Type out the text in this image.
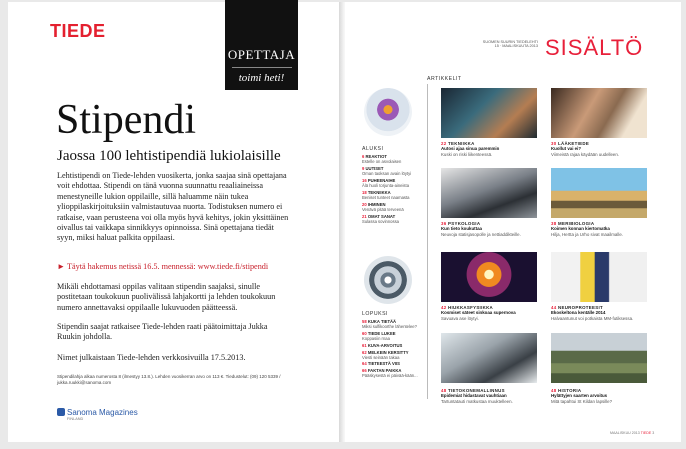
TIEDE
OPETTAJA
toimi heti!
Stipendi
Jaossa 100 lehtistipendiä lukiolaisille

Lehtistipendi on Tiede-lehden vuosikerta, jonka saajaa sinä opettajana voit ehdottaa. Stipendi on tänä vuonna suunnattu reaaliaineissa menestyneille lukion oppilaille, sillä haluamme näin tukea ylioppilaskirjoituksiin valmistautuvaa nuorta. Todistuksen numero ei ratkaise, vaan perusteena voi olla myös hyvä kehitys, jokin yksittäinen oivallus tai vaikkapa sinnikkyys opinnoissa. Sinä opettajana tiedät syyn, miksi haluat palkita oppilaasi.

► Täytä hakemus netissä 16.5. mennessä: www.tiede.fi/stipendi

Mikäli ehdottamasi oppilas valitaan stipendin saajaksi, sinulle postitetaan toukokuun puolivälissä lahjakortti ja lehden toukokuun numero annettavaksi oppilaalle lukuvuoden päätteessä.

Stipendin saajat ratkaisee Tiede-lehden raati päätoimittaja Jukka Ruukin johdolla.

Nimet julkaistaan Tiede-lehden verkkosivuilla 17.5.2013.

Stipendilahja alkaa numerosta 8 (ilmestyy 13.8.). Lehden vuosikerran arvo on 113 €. Tiedustelut: (09) 120 5339 / jukka.ruukki@sanoma.com

Sanoma Magazines
FINLAND
SUOMEN SUURIN TIEDELEHTI
15 · MAALISKUUTA 2013 SISÄLTÖ
ARTIKKELIT
ALUKSI
6 REAKTIOT
Estelle on asvolaisen
9 UUTISET
Oman taoksan avain löytyi
16 PUHEENAIHE
Älä huoli torjunta-aineista
18 TEKNIIKKA
Beniset tunteet naamasta
20 IHMINEN
Venävä pitää terveenä
21 OMAT SANAT
Sulassa sovinnossa
LOPUKSI
58 KUKA TIETÄÄ
Miksi sulfikoorthe lähentelee?
60 TIEDE LUKEE
Koppasiin rnaa
61 KUVA-ARVOITUS
62 MELKEIN KERSITTY
Viesti seinään takaa
64 TIETEESTÄ VIIS
66 FAKTAN PAIKKA
Pääskysestä ei päivää-kään...
22 TEKNIIKKA
Autosi ajaa sinua paremmin
Kuski on riski liikenteessä.
30 LÄÄKETIEDE
Kuollut vai ei?
Viimeistä rajaa käydään uudelleen.
36 PSYKOLOGIA
Kun tieto koukuttaa
Neuvoja statisjasopolle ja nettiaddikteille.
38 MERIBIOLOGIA
Koimen konnan kiertomatka
Hilja, Hertta ja Urho sivat maailmalle.
42 HIUKKASFYSIIKKA
Kosmiset säteet sinkoaa supernova
Savuava ase löytyi.
44 NEUROPROTEESIT
Ekoskeltona kentälle 2014
Halvaantunut voi potkaista MM-futiksessa.
48 TIETOKONEMALLINNUS
Epidemiat hidastavat vauhtiaan
Tartuntatauti matkustaa muuktelleen.
48 HISTORIA
Hylättyjen saarten arvoitus
Mitä tapahtui St Kildan lapsille?
MAALISKUU 2013 TIEDE 3
